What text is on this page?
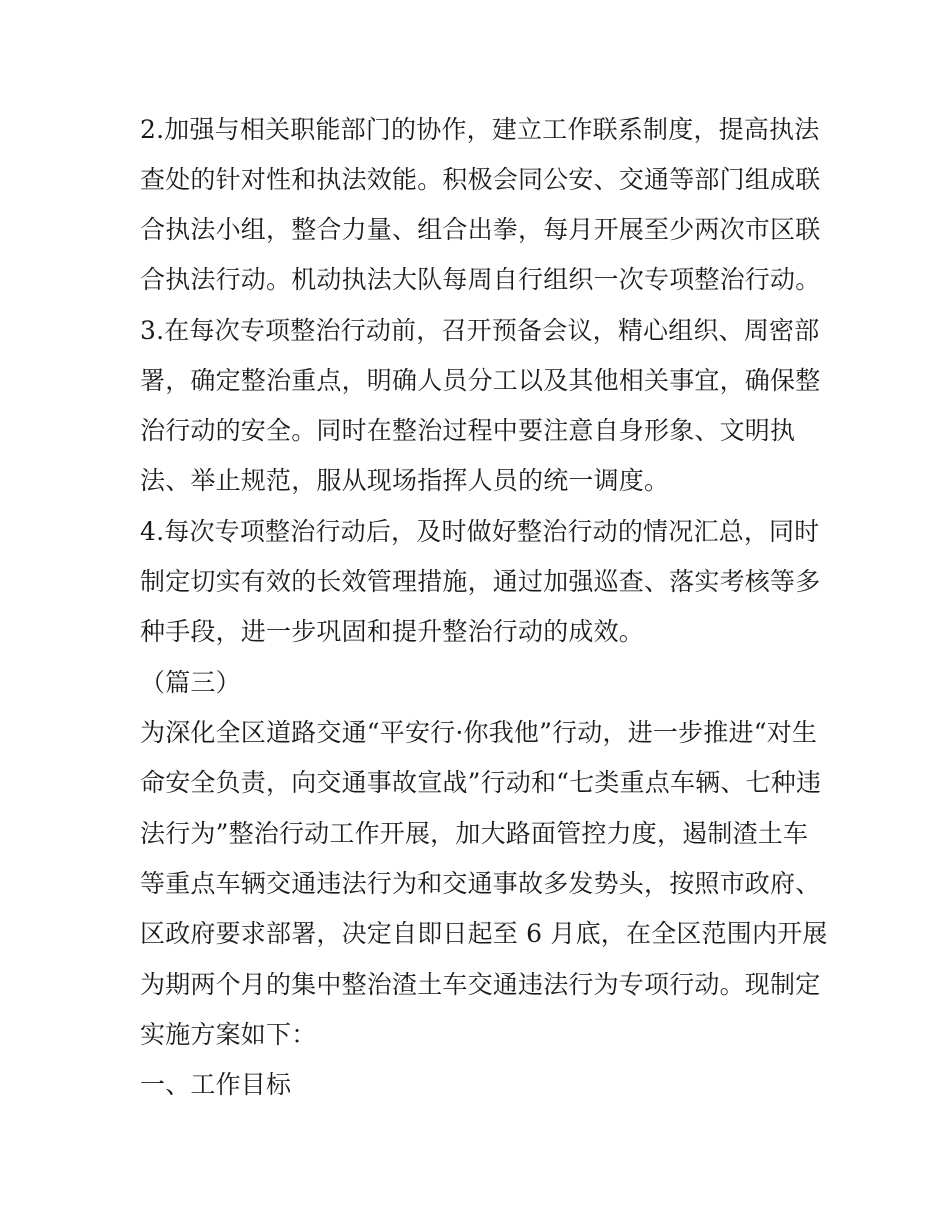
2.加强与相关职能部门的协作，建立工作联系制度，提高执法
查处的针对性和执法效能。积极会同公安、交通等部门组成联
合执法小组，整合力量、组合出拳，每月开展至少两次市区联
合执法行动。机动执法大队每周自行组织一次专项整治行动。
3.在每次专项整治行动前，召开预备会议，精心组织、周密部
署，确定整治重点，明确人员分工以及其他相关事宜，确保整
治行动的安全。同时在整治过程中要注意自身形象、文明执
法、举止规范，服从现场指挥人员的统一调度。
4.每次专项整治行动后，及时做好整治行动的情况汇总，同时
制定切实有效的长效管理措施，通过加强巡查、落实考核等多
种手段，进一步巩固和提升整治行动的成效。
（篇三）
为深化全区道路交通“平安行·你我他”行动，进一步推进“对生
命安全负责，向交通事故宣战”行动和“七类重点车辆、七种违
法行为”整治行动工作开展，加大路面管控力度，遏制渣土车
等重点车辆交通违法行为和交通事故多发势头，按照市政府、
区政府要求部署，决定自即日起至 6 月底，在全区范围内开展
为期两个月的集中整治渣土车交通违法行为专项行动。现制定
实施方案如下：
一、工作目标
